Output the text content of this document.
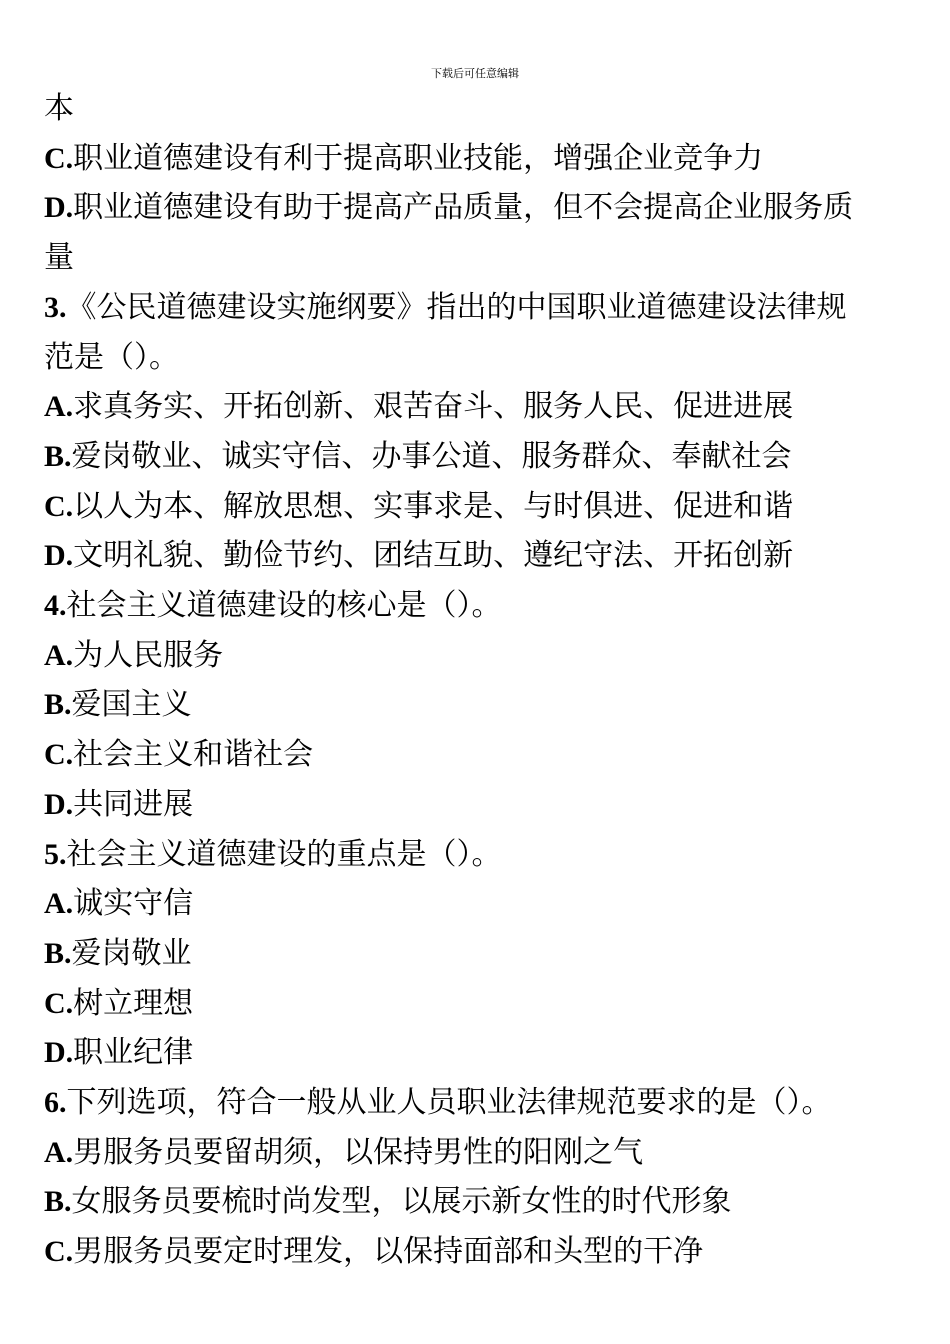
下载后可任意编辑
本
C.职业道德建设有利于提高职业技能，增强企业竞争力
D.职业道德建设有助于提高产品质量，但不会提高企业服务质
量
3.《公民道德建设实施纲要》指出的中国职业道德建设法律规
范是（）。
A.求真务实、开拓创新、艰苦奋斗、服务人民、促进进展
B.爱岗敬业、诚实守信、办事公道、服务群众、奉献社会
C.以人为本、解放思想、实事求是、与时俱进、促进和谐
D.文明礼貌、勤俭节约、团结互助、遵纪守法、开拓创新
4.社会主义道德建设的核心是（）。
A.为人民服务
B.爱国主义
C.社会主义和谐社会
D.共同进展
5.社会主义道德建设的重点是（）。
A.诚实守信
B.爱岗敬业
C.树立理想
D.职业纪律
6.下列选项，符合一般从业人员职业法律规范要求的是（）。
A.男服务员要留胡须，以保持男性的阳刚之气
B.女服务员要梳时尚发型，以展示新女性的时代形象
C.男服务员要定时理发，以保持面部和头型的干净
